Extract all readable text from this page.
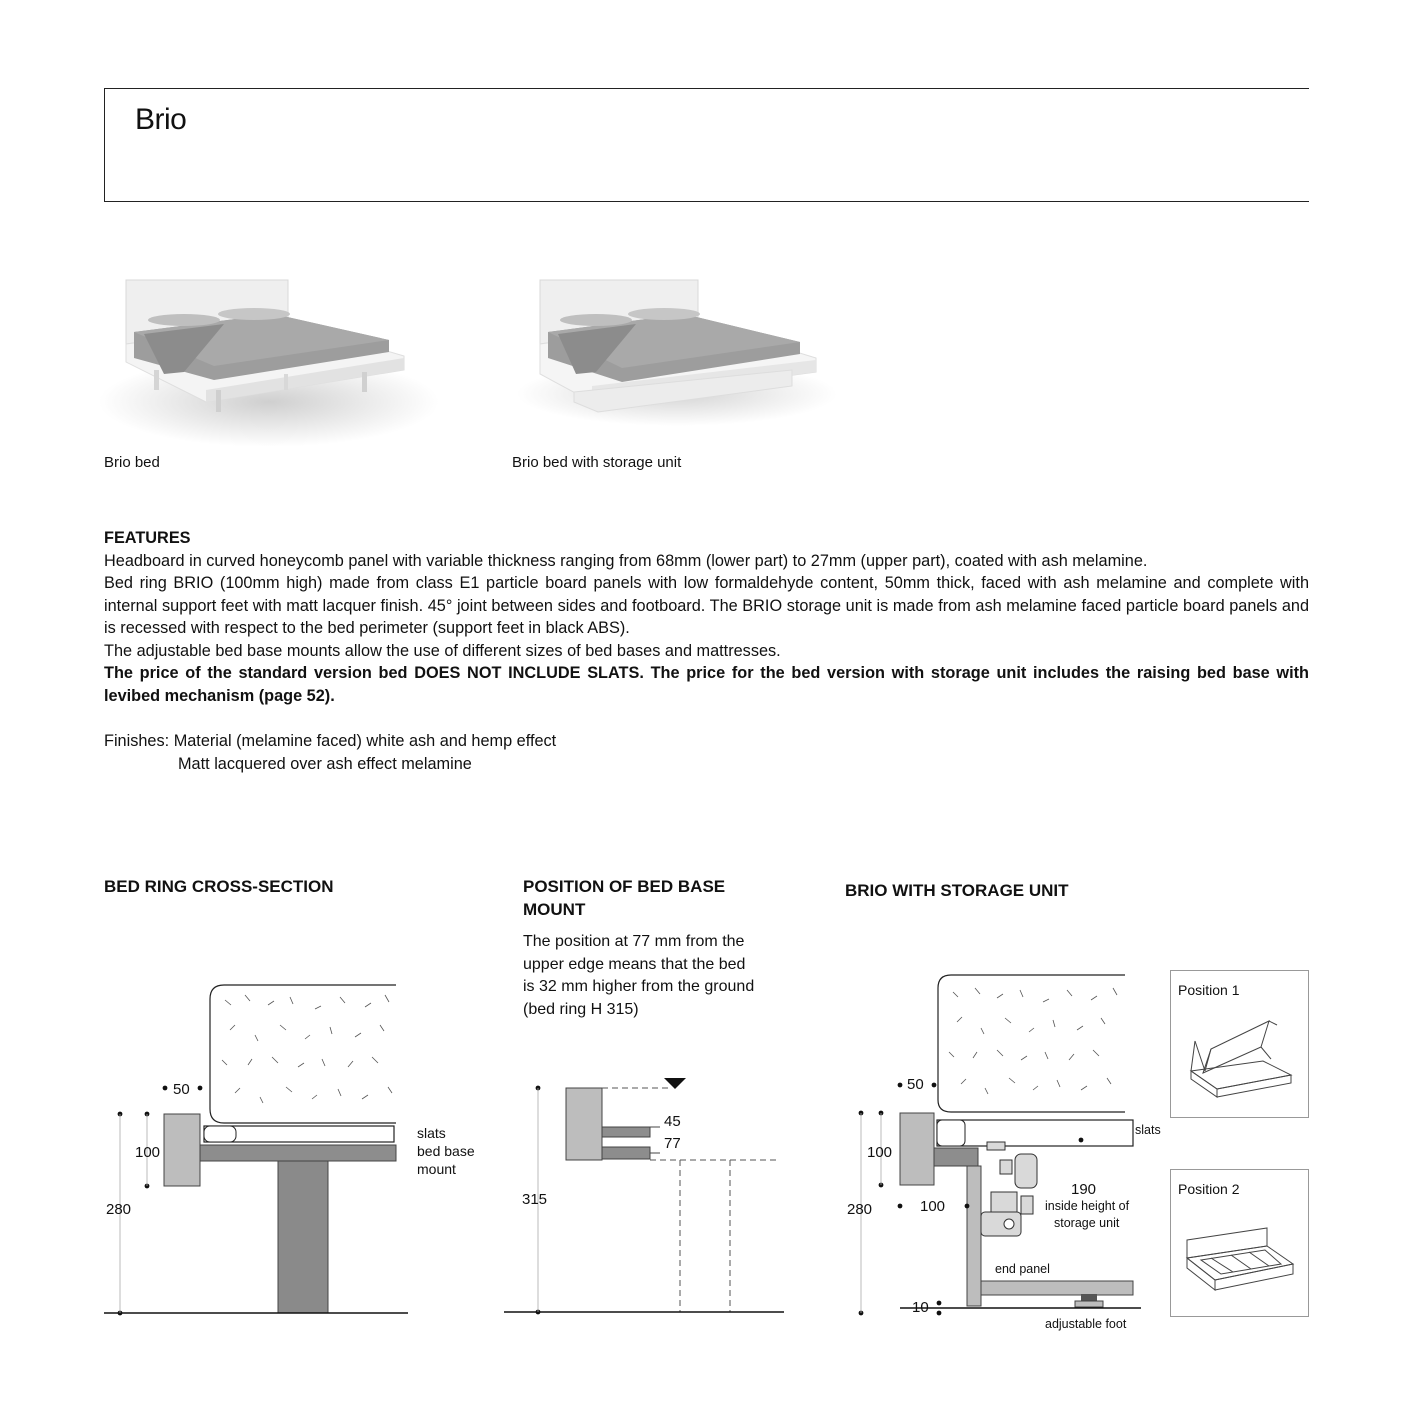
Brio
Brio bed	Brio bed with storage unit

FEATURES

Headboard in curved honeycomb panel with variable thickness ranging from 68mm (lower part) to 27mm (upper part), coated with ash melamine.

Bed ring BRIO (100mm high) made from class E1 particle board panels with low formaldehyde content, 50mm thick, faced with ash melamine and complete with internal support feet with matt lacquer finish. 45° joint between sides and footboard. The BRIO storage unit is made from ash melamine faced particle board panels and is recessed with respect to the bed perimeter (support feet in black ABS).

The adjustable bed base mounts allow the use of different sizes of bed bases and mattresses.

The price of the standard version bed DOES NOT INCLUDE SLATS. The price for the bed version with storage unit includes the raising bed base with levibed mechanism (page 52).

Finishes: Material (melamine faced) white ash and hemp effect
Matt lacquered over ash effect melamine
BED RING CROSS-SECTION	POSITION OF BED BASE
MOUNT
BRIO WITH STORAGE UNIT
The position at 77 mm from the
upper edge means that the bed
is 32 mm higher from the ground
(bed ring H 315)
50
100
280
slats
bed base
mount
45
77
315
50
100
100
280
10
190
inside height of
storage unit
slats
end panel
adjustable foot
Position 1
Position 2
